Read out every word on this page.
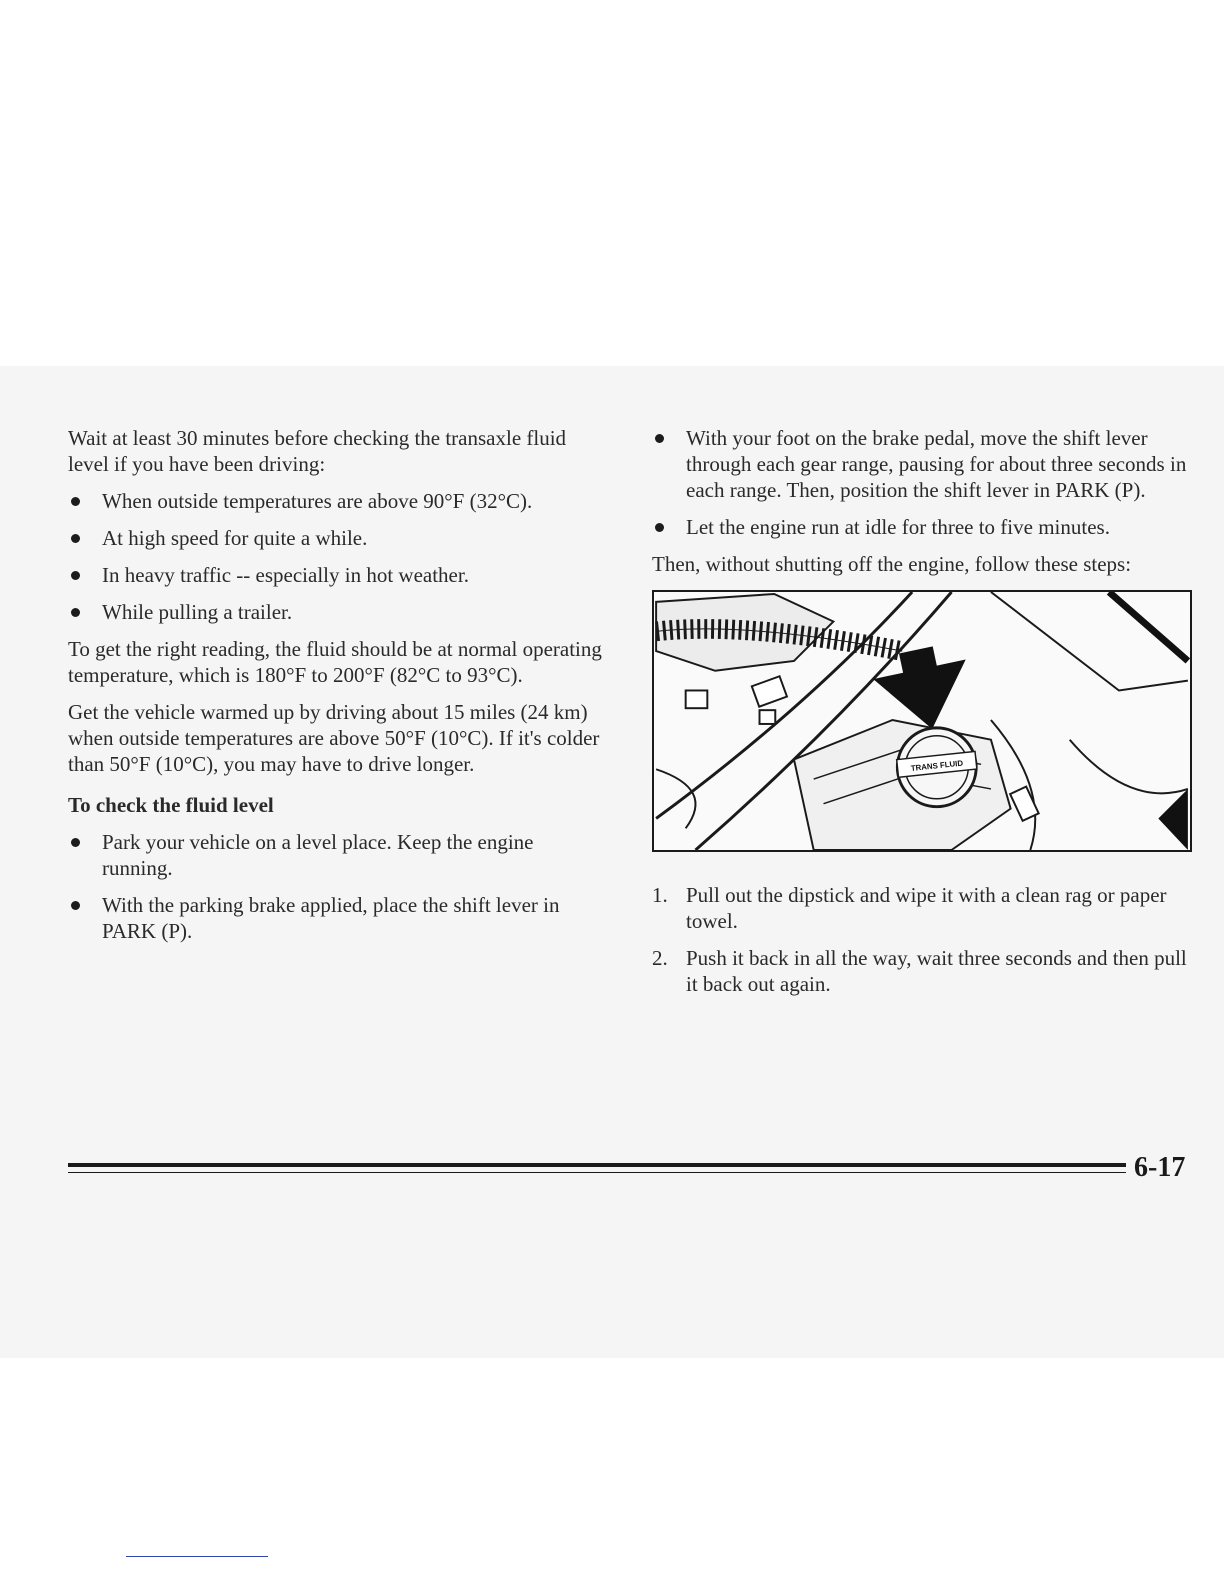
Wait at least 30 minutes before checking the transaxle fluid level if you have been driving:

When outside temperatures are above 90°F (32°C).
At high speed for quite a while.
In heavy traffic -- especially in hot weather.
While pulling a trailer.

To get the right reading, the fluid should be at normal operating temperature, which is 180°F to 200°F (82°C to 93°C).

Get the vehicle warmed up by driving about 15 miles (24 km) when outside temperatures are above 50°F (10°C). If it's colder than 50°F (10°C), you may have to drive longer.

To check the fluid level
Park your vehicle on a level place. Keep the engine running.
With the parking brake applied, place the shift lever in PARK (P).
With your foot on the brake pedal, move the shift lever through each gear range, pausing for about three seconds in each range. Then, position the shift lever in PARK (P).
Let the engine run at idle for three to five minutes.

Then, without shutting off the engine, follow these steps:

TRANS FLUID
1. Pull out the dipstick and wipe it with a clean rag or paper towel.
2. Push it back in all the way, wait three seconds and then pull it back out again.
6-17
